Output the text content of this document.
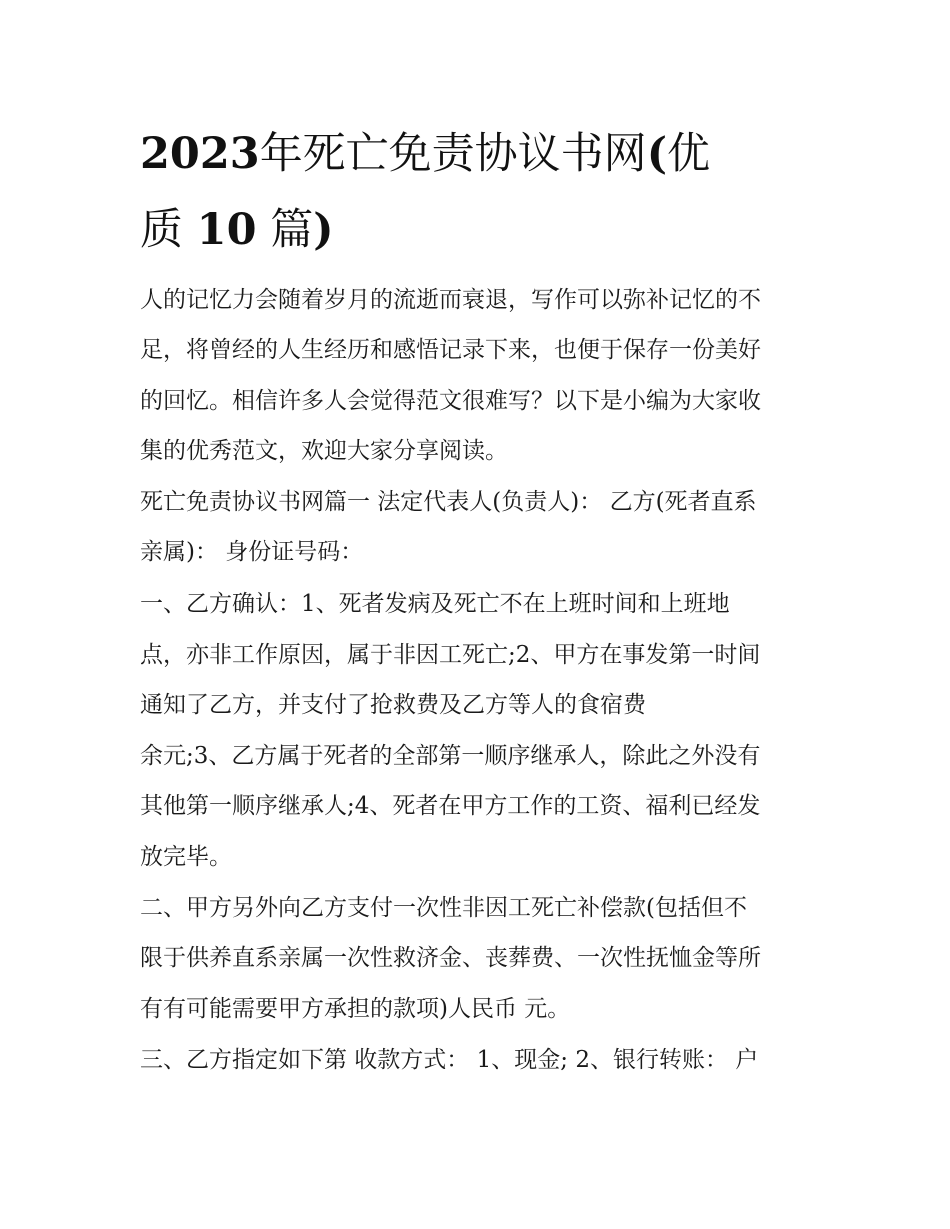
2023年死亡免责协议书网(优
质 10 篇)
人的记忆力会随着岁月的流逝而衰退，写作可以弥补记忆的不
足，将曾经的人生经历和感悟记录下来，也便于保存一份美好
的回忆。相信许多人会觉得范文很难写？以下是小编为大家收
集的优秀范文，欢迎大家分享阅读。
死亡免责协议书网篇一 法定代表人(负责人)： 乙方(死者直系
亲属)： 身份证号码：
一、乙方确认：1、死者发病及死亡不在上班时间和上班地
点，亦非工作原因，属于非因工死亡;2、甲方在事发第一时间
通知了乙方，并支付了抢救费及乙方等人的食宿费
余元;3、乙方属于死者的全部第一顺序继承人，除此之外没有
其他第一顺序继承人;4、死者在甲方工作的工资、福利已经发
放完毕。
二、甲方另外向乙方支付一次性非因工死亡补偿款(包括但不
限于供养直系亲属一次性救济金、丧葬费、一次性抚恤金等所
有有可能需要甲方承担的款项)人民币 元。
三、乙方指定如下第 收款方式： 1、现金; 2、银行转账： 户
